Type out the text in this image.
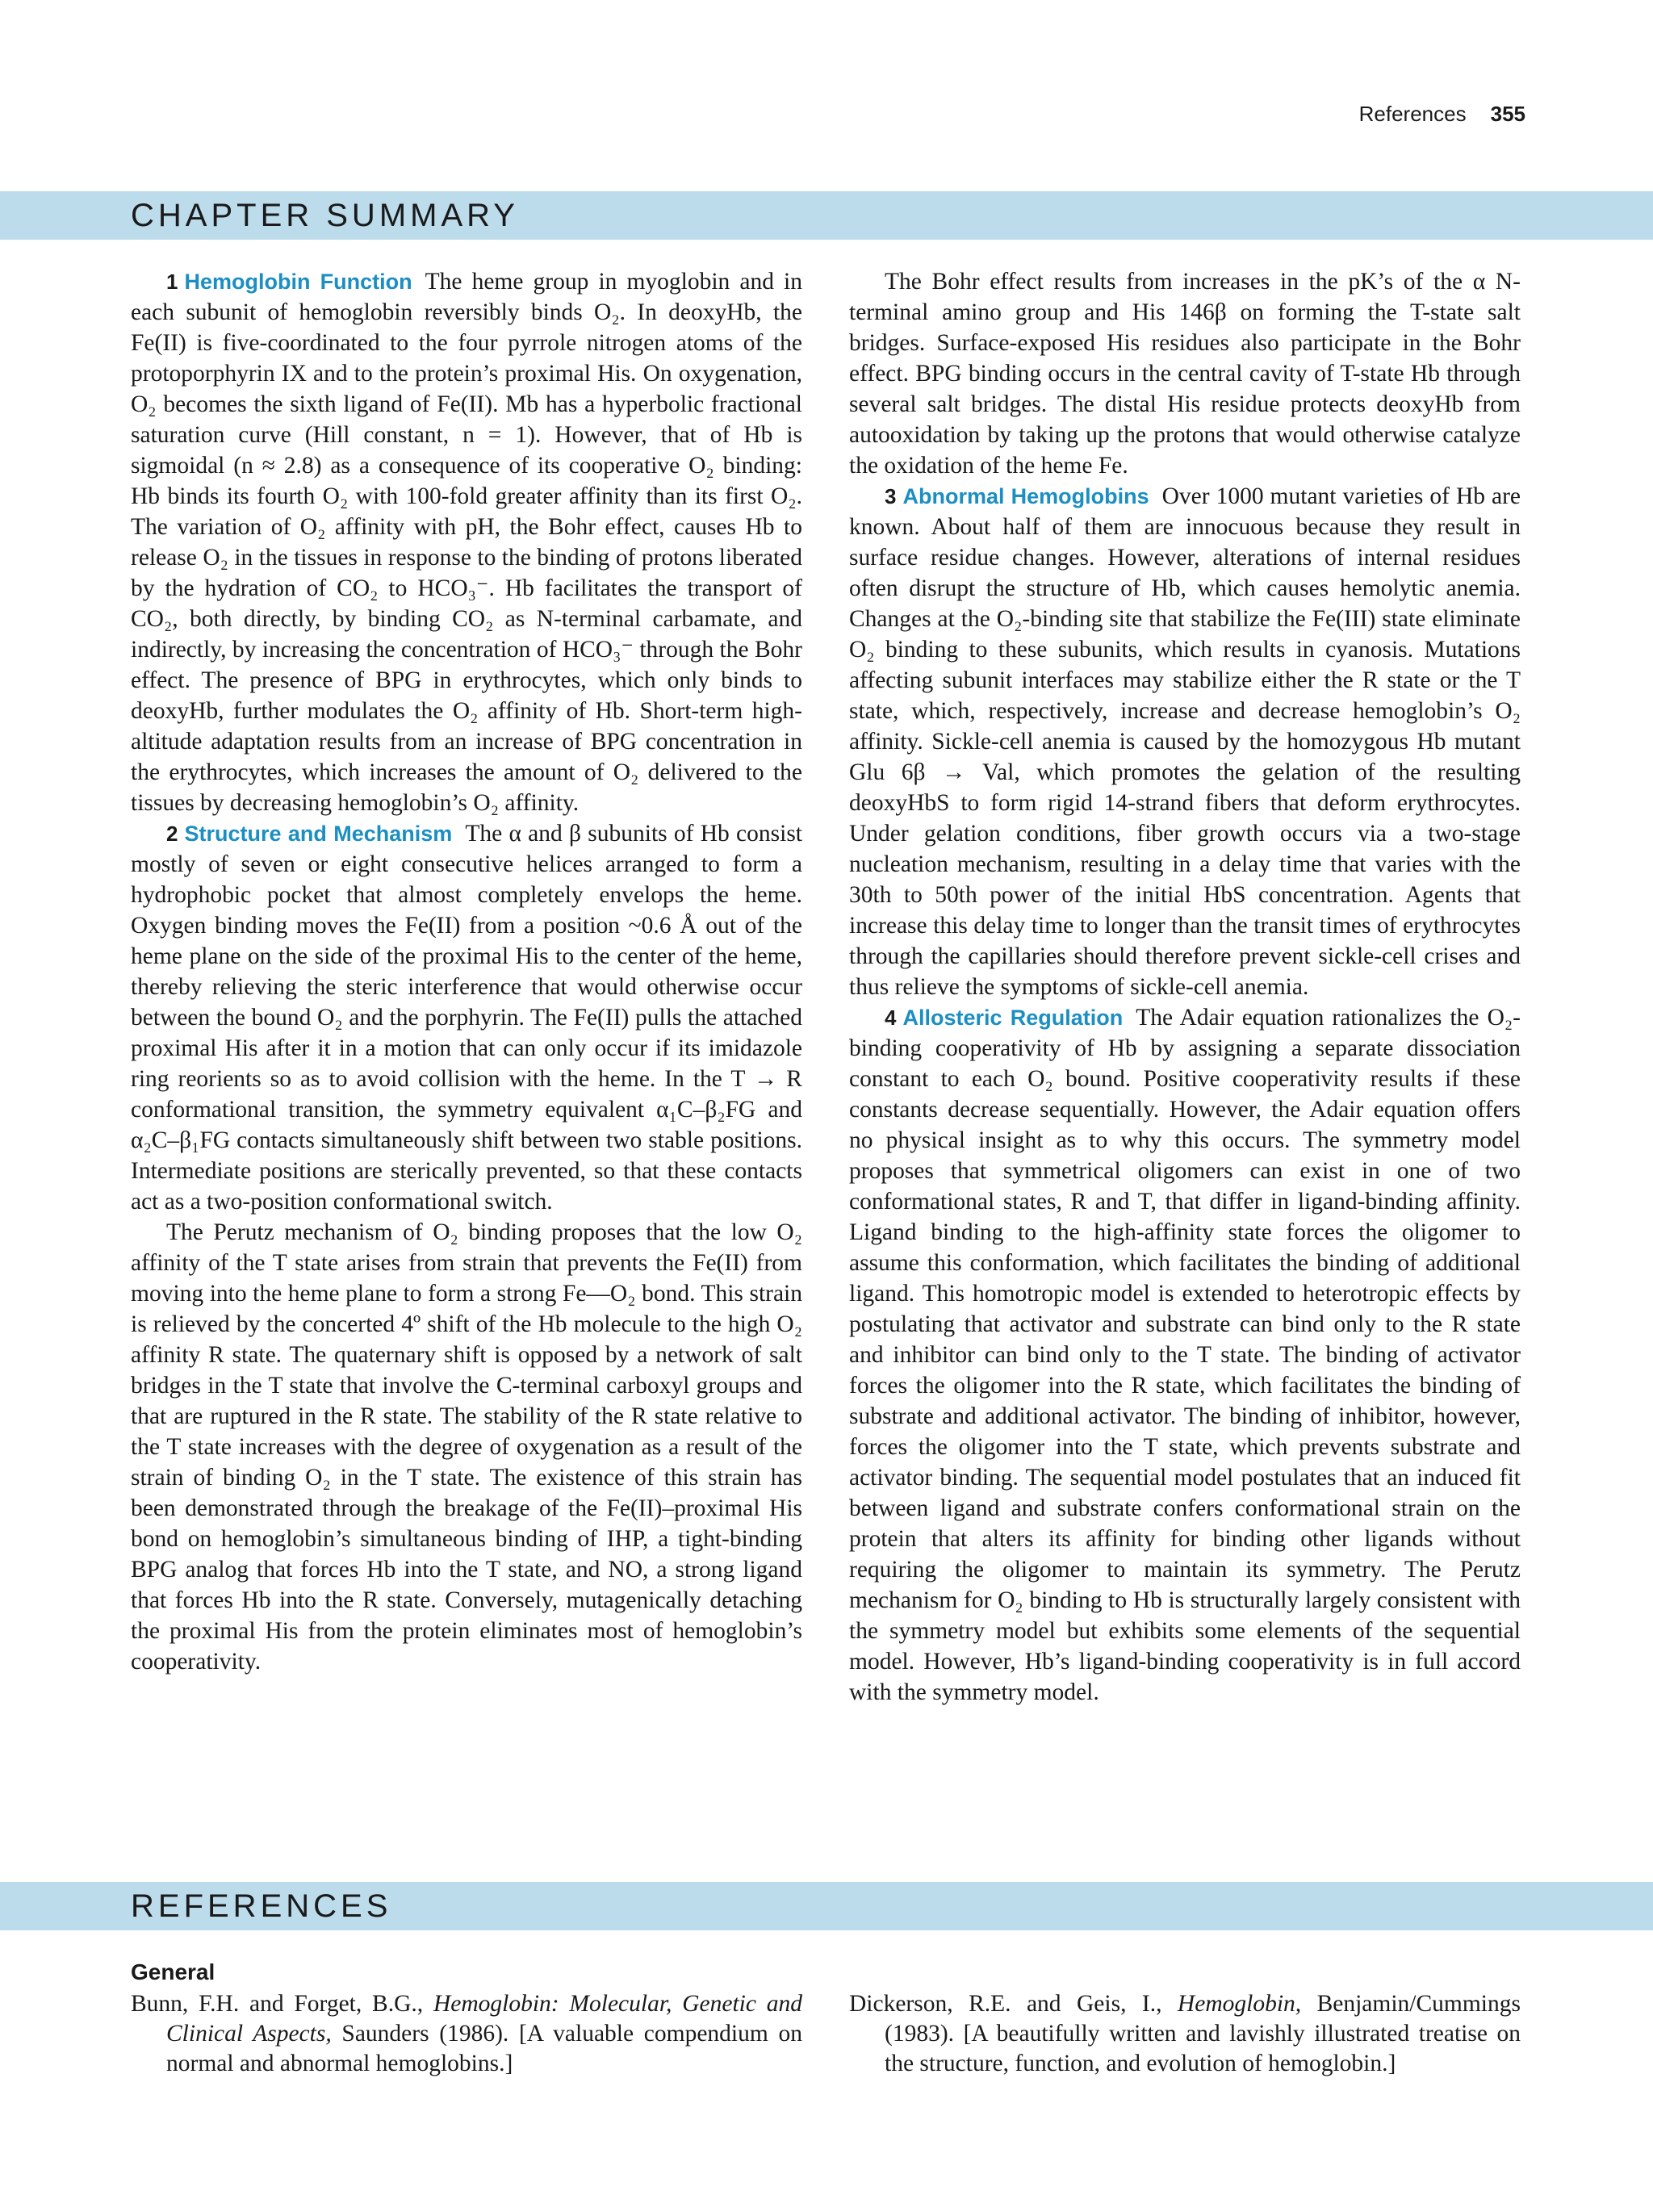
References 355
CHAPTER SUMMARY

1 Hemoglobin Function The heme group in myoglobin and in each subunit of hemoglobin reversibly binds O₂. In deoxyHb, the Fe(II) is five-coordinated to the four pyrrole nitrogen atoms of the protoporphyrin IX and to the protein’s proximal His. On oxygenation, O₂ becomes the sixth ligand of Fe(II). Mb has a hyperbolic fractional saturation curve (Hill constant, n = 1). However, that of Hb is sigmoidal (n ≈ 2.8) as a consequence of its cooperative O₂ binding: Hb binds its fourth O₂ with 100-fold greater affinity than its first O₂. The variation of O₂ affinity with pH, the Bohr effect, causes Hb to release O₂ in the tissues in response to the binding of protons liberated by the hydration of CO₂ to HCO₃⁻. Hb facilitates the transport of CO₂, both directly, by binding CO₂ as N-terminal carbamate, and indirectly, by increasing the concentration of HCO₃⁻ through the Bohr effect. The presence of BPG in erythrocytes, which only binds to deoxyHb, further modulates the O₂ affinity of Hb. Short-term high-altitude adaptation results from an increase of BPG concentration in the erythrocytes, which increases the amount of O₂ delivered to the tissues by decreasing hemoglobin’s O₂ affinity.

2 Structure and Mechanism The α and β subunits of Hb consist mostly of seven or eight consecutive helices arranged to form a hydrophobic pocket that almost completely envelops the heme. Oxygen binding moves the Fe(II) from a position ~0.6 Å out of the heme plane on the side of the proximal His to the center of the heme, thereby relieving the steric interference that would otherwise occur between the bound O₂ and the porphyrin. The Fe(II) pulls the attached proximal His after it in a motion that can only occur if its imidazole ring reorients so as to avoid collision with the heme. In the T → R conformational transition, the symmetry equivalent α₁C–β₂FG and α₂C–β₁FG contacts simultaneously shift between two stable positions. Intermediate positions are sterically prevented, so that these contacts act as a two-position conformational switch.

The Perutz mechanism of O₂ binding proposes that the low O₂ affinity of the T state arises from strain that prevents the Fe(II) from moving into the heme plane to form a strong Fe—O₂ bond. This strain is relieved by the concerted 4º shift of the Hb molecule to the high O₂ affinity R state. The quaternary shift is opposed by a network of salt bridges in the T state that involve the C-terminal carboxyl groups and that are ruptured in the R state. The stability of the R state relative to the T state increases with the degree of oxygenation as a result of the strain of binding O₂ in the T state. The existence of this strain has been demonstrated through the breakage of the Fe(II)–proximal His bond on hemoglobin’s simultaneous binding of IHP, a tight-binding BPG analog that forces Hb into the T state, and NO, a strong ligand that forces Hb into the R state. Conversely, mutagenically detaching the proximal His from the protein eliminates most of hemoglobin’s cooperativity.

The Bohr effect results from increases in the pK’s of the α N-terminal amino group and His 146β on forming the T-state salt bridges. Surface-exposed His residues also participate in the Bohr effect. BPG binding occurs in the central cavity of T-state Hb through several salt bridges. The distal His residue protects deoxyHb from autooxidation by taking up the protons that would otherwise catalyze the oxidation of the heme Fe.

3 Abnormal Hemoglobins Over 1000 mutant varieties of Hb are known. About half of them are innocuous because they result in surface residue changes. However, alterations of internal residues often disrupt the structure of Hb, which causes hemolytic anemia. Changes at the O₂-binding site that stabilize the Fe(III) state eliminate O₂ binding to these subunits, which results in cyanosis. Mutations affecting subunit interfaces may stabilize either the R state or the T state, which, respectively, increase and decrease hemoglobin’s O₂ affinity. Sickle-cell anemia is caused by the homozygous Hb mutant Glu 6β → Val, which promotes the gelation of the resulting deoxyHbS to form rigid 14-strand fibers that deform erythrocytes. Under gelation conditions, fiber growth occurs via a two-stage nucleation mechanism, resulting in a delay time that varies with the 30th to 50th power of the initial HbS concentration. Agents that increase this delay time to longer than the transit times of erythrocytes through the capillaries should therefore prevent sickle-cell crises and thus relieve the symptoms of sickle-cell anemia.

4 Allosteric Regulation The Adair equation rationalizes the O₂-binding cooperativity of Hb by assigning a separate dissociation constant to each O₂ bound. Positive cooperativity results if these constants decrease sequentially. However, the Adair equation offers no physical insight as to why this occurs. The symmetry model proposes that symmetrical oligomers can exist in one of two conformational states, R and T, that differ in ligand-binding affinity. Ligand binding to the high-affinity state forces the oligomer to assume this conformation, which facilitates the binding of additional ligand. This homotropic model is extended to heterotropic effects by postulating that activator and substrate can bind only to the R state and inhibitor can bind only to the T state. The binding of activator forces the oligomer into the R state, which facilitates the binding of substrate and additional activator. The binding of inhibitor, however, forces the oligomer into the T state, which prevents substrate and activator binding. The sequential model postulates that an induced fit between ligand and substrate confers conformational strain on the protein that alters its affinity for binding other ligands without requiring the oligomer to maintain its symmetry. The Perutz mechanism for O₂ binding to Hb is structurally largely consistent with the symmetry model but exhibits some elements of the sequential model. However, Hb’s ligand-binding cooperativity is in full accord with the symmetry model.

REFERENCES
General
Bunn, F.H. and Forget, B.G., Hemoglobin: Molecular, Genetic and Clinical Aspects, Saunders (1986). [A valuable compendium on normal and abnormal hemoglobins.]
Dickerson, R.E. and Geis, I., Hemoglobin, Benjamin/Cummings (1983). [A beautifully written and lavishly illustrated treatise on the structure, function, and evolution of hemoglobin.]
